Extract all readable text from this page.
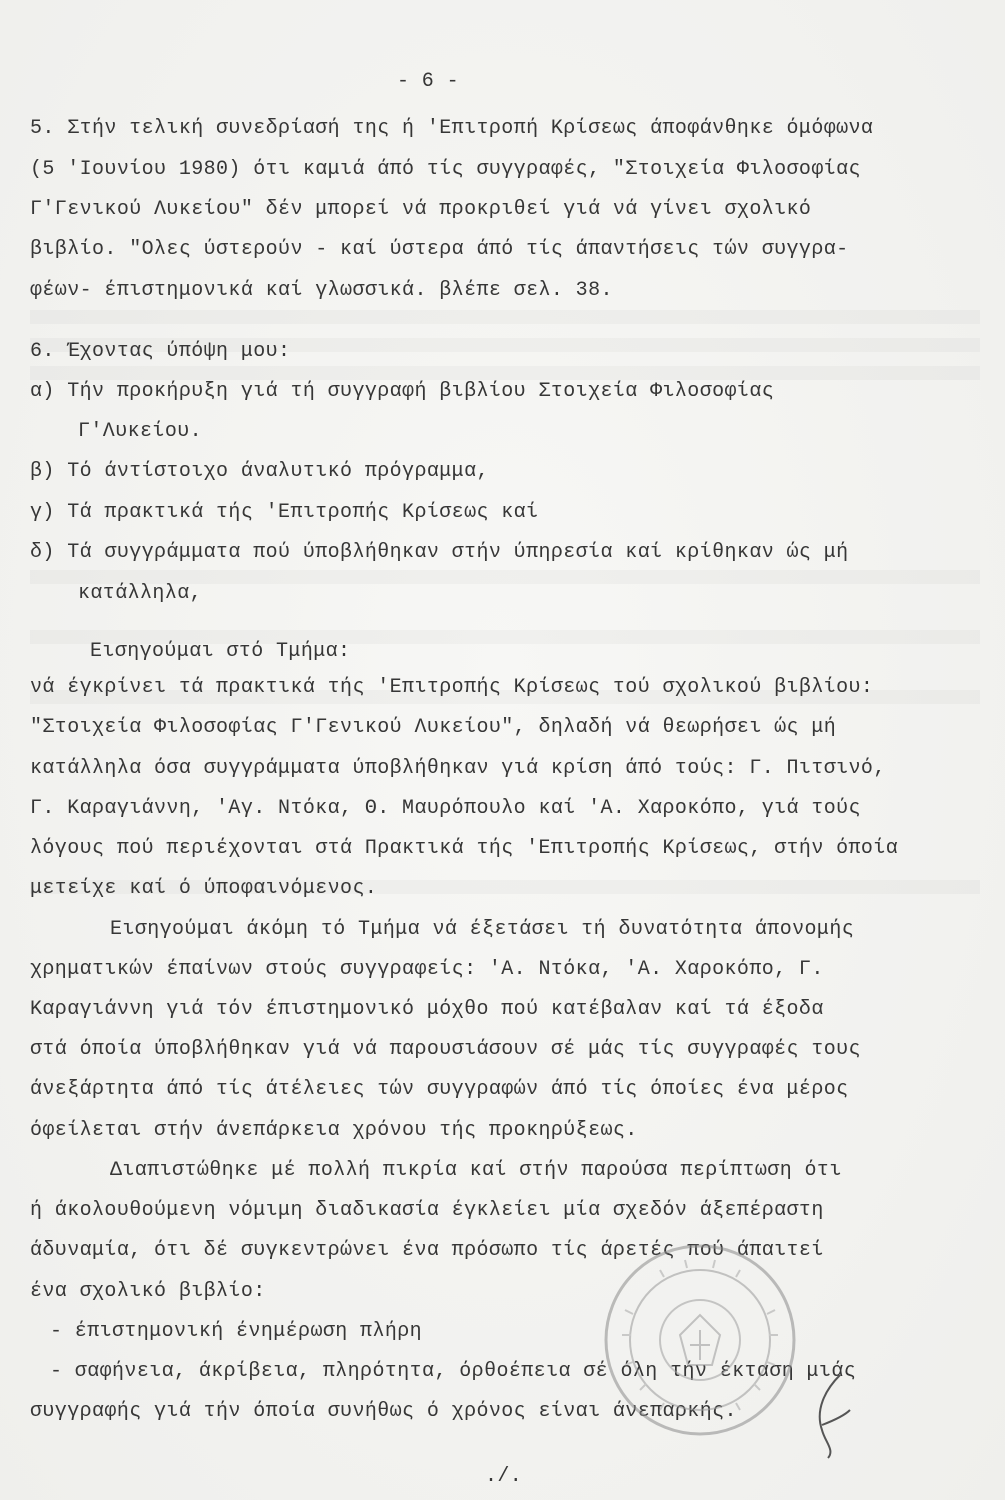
- 6 -
5. Στήν τελική συνεδρίασή της ή 'Επιτροπή Κρίσεως άποφάνθηκε όμόφωνα
(5 'Ιουνίου 1980) ότι καμιά άπό τίς συγγραφές, "Στοιχεία Φιλοσοφίας
Γ'Γενικού Λυκείου" δέν μπορεί νά προκριθεί γιά νά γίνει σχολικό
βιβλίο. "Ολες ύστερούν - καί ύστερα άπό τίς άπαντήσεις τών συγγρα-
φέων- έπιστημονικά καί γλωσσικά. βλέπε σελ. 38.
6. Έχοντας ύπόψη μου:
α) Τήν προκήρυξη γιά τή συγγραφή βιβλίου Στοιχεία Φιλοσοφίας
Γ'Λυκείου.
β) Τό άντίστοιχο άναλυτικό πρόγραμμα,
γ) Τά πρακτικά τής 'Επιτροπής Κρίσεως καί
δ) Τά συγγράμματα πού ύποβλήθηκαν στήν ύπηρεσία καί κρίθηκαν ώς μή
κατάλληλα,
Εισηγούμαι στό Τμήμα:
νά έγκρίνει τά πρακτικά τής 'Επιτροπής Κρίσεως τού σχολικού βιβλίου:
"Στοιχεία Φιλοσοφίας Γ'Γενικού Λυκείου", δηλαδή νά θεωρήσει ώς μή
κατάλληλα όσα συγγράμματα ύποβλήθηκαν γιά κρίση άπό τούς: Γ. Πιτσινό,
Γ. Καραγιάννη, 'Αγ. Ντόκα, Θ. Μαυρόπουλο καί 'Α. Χαροκόπο, γιά τούς
λόγους πού περιέχονται στά Πρακτικά τής 'Επιτροπής Κρίσεως, στήν όποία
μετείχε καί ό ύποφαινόμενος.
Εισηγούμαι άκόμη τό Τμήμα νά έξετάσει τή δυνατότητα άπονομής
χρηματικών έπαίνων στούς συγγραφείς: 'Α. Ντόκα, 'Α. Χαροκόπο, Γ.
Καραγιάννη γιά τόν έπιστημονικό μόχθο πού κατέβαλαν καί τά έξοδα
στά όποία ύποβλήθηκαν γιά νά παρουσιάσουν σέ μάς τίς συγγραφές τους
άνεξάρτητα άπό τίς άτέλειες τών συγγραφών άπό τίς όποίες ένα μέρος
όφείλεται στήν άνεπάρκεια χρόνου τής προκηρύξεως.
Διαπιστώθηκε μέ πολλή πικρία καί στήν παρούσα περίπτωση ότι
ή άκολουθούμενη νόμιμη διαδικασία έγκλείει μία σχεδόν άξεπέραστη
άδυναμία, ότι δέ συγκεντρώνει ένα πρόσωπο τίς άρετές πού άπαιτεί
ένα σχολικό βιβλίο:
- έπιστημονική ένημέρωση πλήρη
- σαφήνεια, άκρίβεια, πληρότητα, όρθοέπεια σέ όλη τήν έκταση μιάς
συγγραφής γιά τήν όποία συνήθως ό χρόνος είναι άνεπαρκής.
./.
